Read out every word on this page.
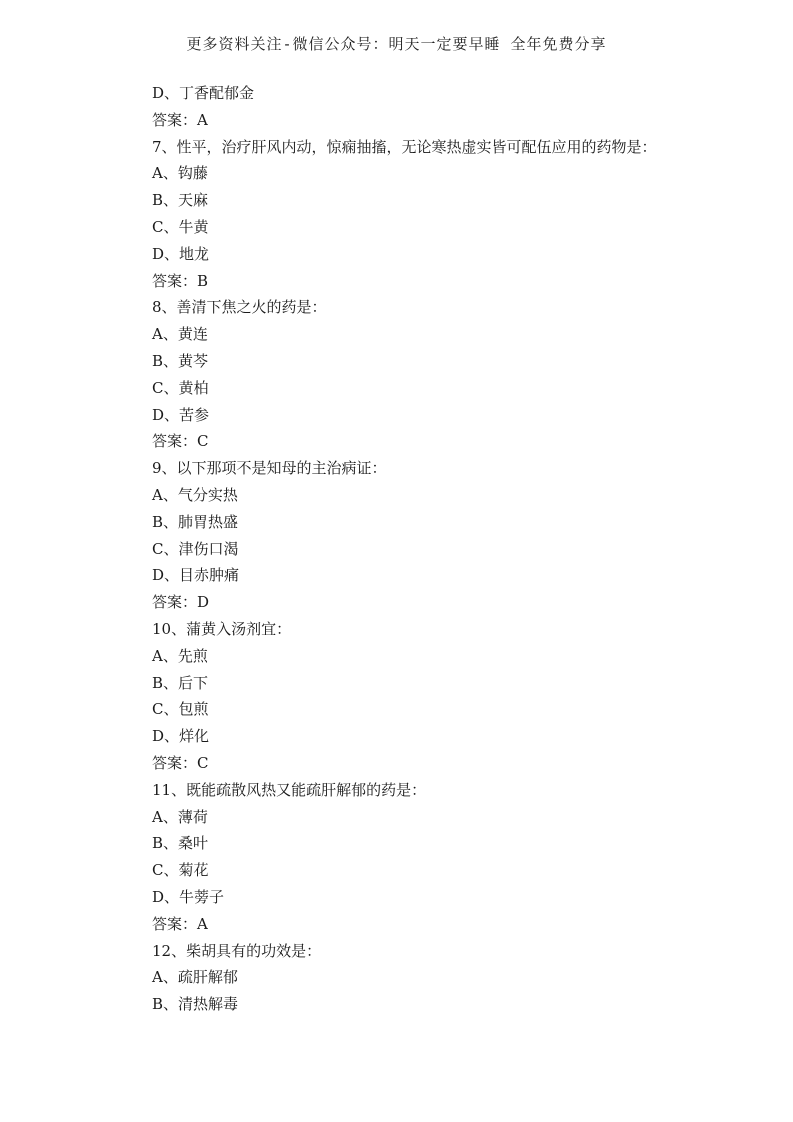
更多资料关注-微信公众号：明天一定要早睡 全年免费分享
D、丁香配郁金
答案：A
7、性平，治疗肝风内动，惊痫抽搐，无论寒热虚实皆可配伍应用的药物是：
A、钩藤
B、天麻
C、牛黄
D、地龙
答案：B
8、善清下焦之火的药是：
A、黄连
B、黄芩
C、黄柏
D、苦参
答案：C
9、以下那项不是知母的主治病证：
A、气分实热
B、肺胃热盛
C、津伤口渴
D、目赤肿痛
答案：D
10、蒲黄入汤剂宜：
A、先煎
B、后下
C、包煎
D、烊化
答案：C
11、既能疏散风热又能疏肝解郁的药是：
A、薄荷
B、桑叶
C、菊花
D、牛蒡子
答案：A
12、柴胡具有的功效是：
A、疏肝解郁
B、清热解毒
